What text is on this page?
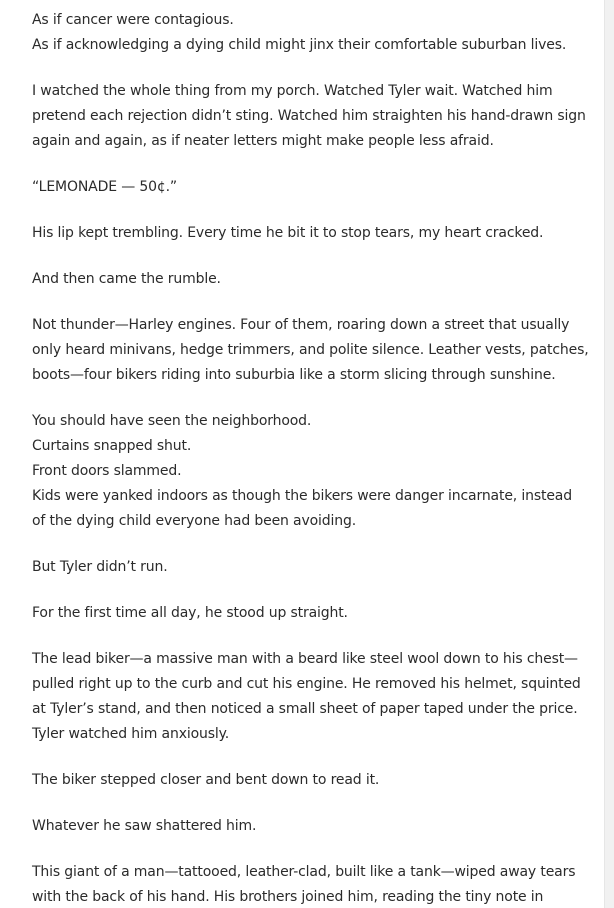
As if cancer were contagious.
As if acknowledging a dying child might jinx their comfortable suburban lives.

I watched the whole thing from my porch. Watched Tyler wait. Watched him
pretend each rejection didn’t sting. Watched him straighten his hand-drawn sign
again and again, as if neater letters might make people less afraid.

“LEMONADE — 50¢.”

His lip kept trembling. Every time he bit it to stop tears, my heart cracked.

And then came the rumble.

Not thunder—Harley engines. Four of them, roaring down a street that usually
only heard minivans, hedge trimmers, and polite silence. Leather vests, patches,
boots—four bikers riding into suburbia like a storm slicing through sunshine.

You should have seen the neighborhood.
Curtains snapped shut.
Front doors slammed.
Kids were yanked indoors as though the bikers were danger incarnate, instead
of the dying child everyone had been avoiding.

But Tyler didn’t run.

For the first time all day, he stood up straight.

The lead biker—a massive man with a beard like steel wool down to his chest—
pulled right up to the curb and cut his engine. He removed his helmet, squinted
at Tyler’s stand, and then noticed a small sheet of paper taped under the price.
Tyler watched him anxiously.

The biker stepped closer and bent down to read it.

Whatever he saw shattered him.

This giant of a man—tattooed, leather-clad, built like a tank—wiped away tears
with the back of his hand. His brothers joined him, reading the tiny note in
